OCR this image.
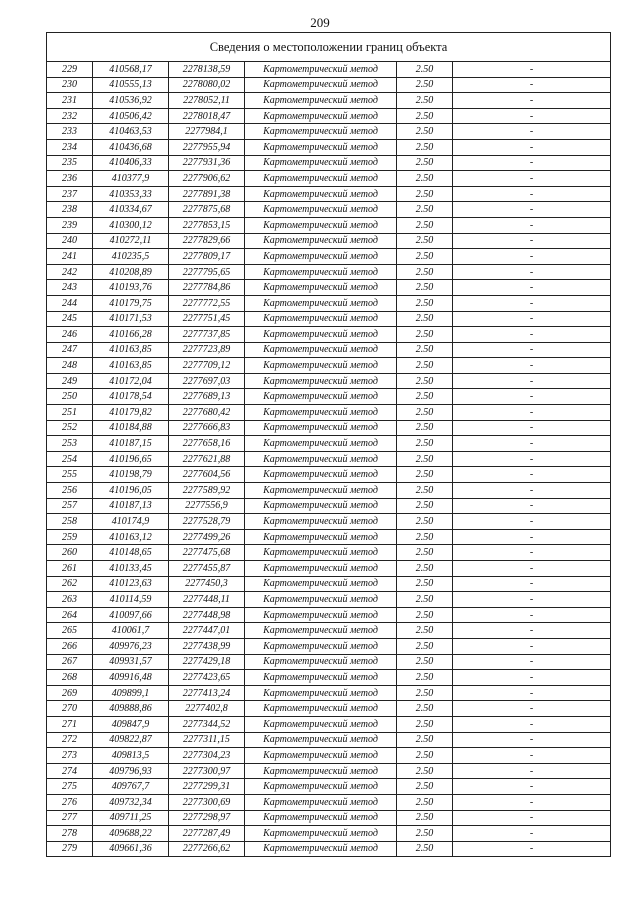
209
Сведения о местоположении границ объекта					
229	410568,17	2278138,59	Картометрический метод	2.50	-
230	410555,13	2278080,02	Картометрический метод	2.50	-
231	410536,92	2278052,11	Картометрический метод	2.50	-
232	410506,42	2278018,47	Картометрический метод	2.50	-
233	410463,53	2277984,1	Картометрический метод	2.50	-
234	410436,68	2277955,94	Картометрический метод	2.50	-
235	410406,33	2277931,36	Картометрический метод	2.50	-
236	410377,9	2277906,62	Картометрический метод	2.50	-
237	410353,33	2277891,38	Картометрический метод	2.50	-
238	410334,67	2277875,68	Картометрический метод	2.50	-
239	410300,12	2277853,15	Картометрический метод	2.50	-
240	410272,11	2277829,66	Картометрический метод	2.50	-
241	410235,5	2277809,17	Картометрический метод	2.50	-
242	410208,89	2277795,65	Картометрический метод	2.50	-
243	410193,76	2277784,86	Картометрический метод	2.50	-
244	410179,75	2277772,55	Картометрический метод	2.50	-
245	410171,53	2277751,45	Картометрический метод	2.50	-
246	410166,28	2277737,85	Картометрический метод	2.50	-
247	410163,85	2277723,89	Картометрический метод	2.50	-
248	410163,85	2277709,12	Картометрический метод	2.50	-
249	410172,04	2277697,03	Картометрический метод	2.50	-
250	410178,54	2277689,13	Картометрический метод	2.50	-
251	410179,82	2277680,42	Картометрический метод	2.50	-
252	410184,88	2277666,83	Картометрический метод	2.50	-
253	410187,15	2277658,16	Картометрический метод	2.50	-
254	410196,65	2277621,88	Картометрический метод	2.50	-
255	410198,79	2277604,56	Картометрический метод	2.50	-
256	410196,05	2277589,92	Картометрический метод	2.50	-
257	410187,13	2277556,9	Картометрический метод	2.50	-
258	410174,9	2277528,79	Картометрический метод	2.50	-
259	410163,12	2277499,26	Картометрический метод	2.50	-
260	410148,65	2277475,68	Картометрический метод	2.50	-
261	410133,45	2277455,87	Картометрический метод	2.50	-
262	410123,63	2277450,3	Картометрический метод	2.50	-
263	410114,59	2277448,11	Картометрический метод	2.50	-
264	410097,66	2277448,98	Картометрический метод	2.50	-
265	410061,7	2277447,01	Картометрический метод	2.50	-
266	409976,23	2277438,99	Картометрический метод	2.50	-
267	409931,57	2277429,18	Картометрический метод	2.50	-
268	409916,48	2277423,65	Картометрический метод	2.50	-
269	409899,1	2277413,24	Картометрический метод	2.50	-
270	409888,86	2277402,8	Картометрический метод	2.50	-
271	409847,9	2277344,52	Картометрический метод	2.50	-
272	409822,87	2277311,15	Картометрический метод	2.50	-
273	409813,5	2277304,23	Картометрический метод	2.50	-
274	409796,93	2277300,97	Картометрический метод	2.50	-
275	409767,7	2277299,31	Картометрический метод	2.50	-
276	409732,34	2277300,69	Картометрический метод	2.50	-
277	409711,25	2277298,97	Картометрический метод	2.50	-
278	409688,22	2277287,49	Картометрический метод	2.50	-
279	409661,36	2277266,62	Картометрический метод	2.50	-
